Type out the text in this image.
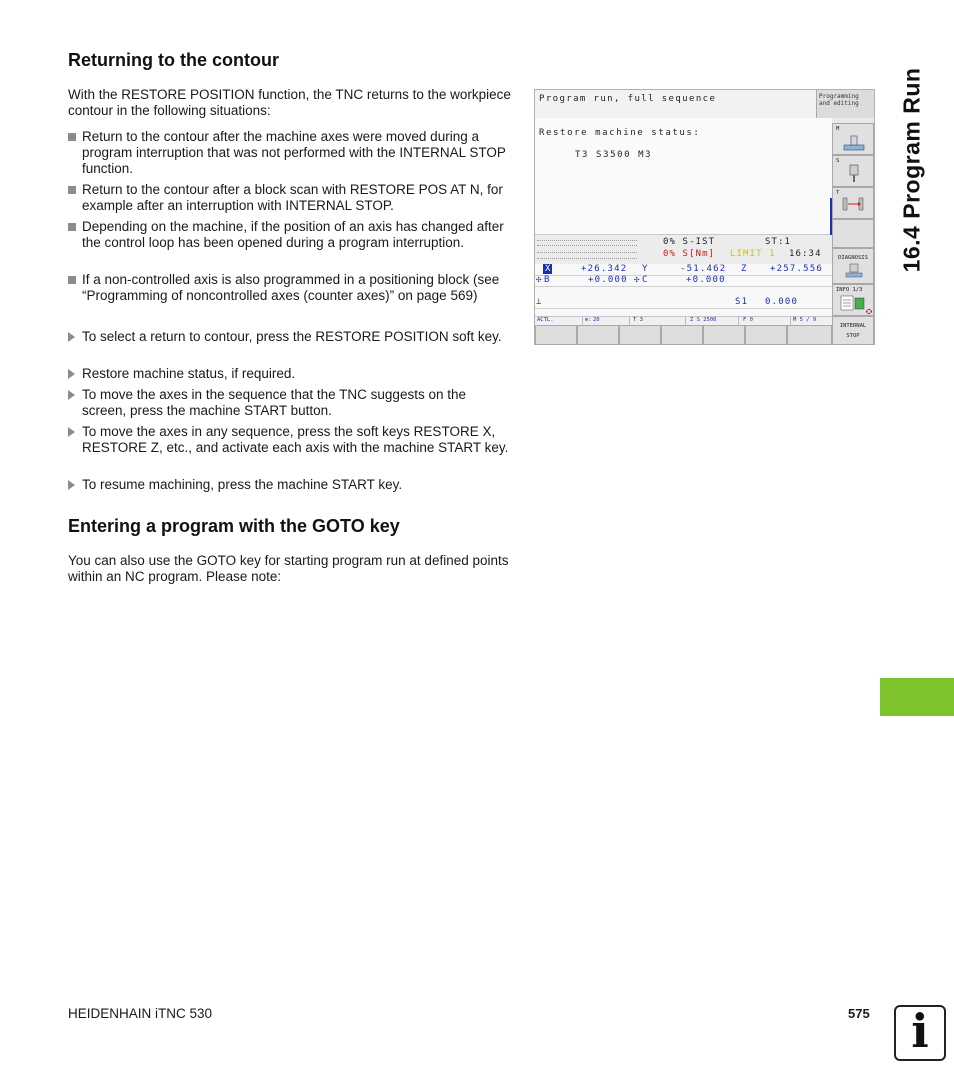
Returning to the contour

With the RESTORE POSITION function, the TNC returns to the workpiece contour in the following situations:

Return to the contour after the machine axes were moved during a program interruption that was not performed with the INTERNAL STOP function.
Return to the contour after a block scan with RESTORE POS AT N, for example after an interruption with INTERNAL STOP.
Depending on the machine, if the position of an axis has changed after the control loop has been opened during a program interruption.
If a non-controlled axis is also programmed in a positioning block (see “Programming of noncontrolled axes (counter axes)” on page 569)
To select a return to contour, press the RESTORE POSITION soft key.
Restore machine status, if required.
To move the axes in the sequence that the TNC suggests on the screen, press the machine START button.
To move the axes in any sequence, press the soft keys RESTORE X, RESTORE Z, etc., and activate each axis with the machine START key.
To resume machining, press the machine START key.
Entering a program with the GOTO key

You can also use the GOTO key for starting program run at defined points within an NC program. Please note:

16.4 Program Run
HEIDENHAIN iTNC 530	575 i
Program run, full sequence	Programming
and editing
Restore machine status:
T3 S3500 M3
M
S
T
DIAGNOSIS
INFO 1/3
INTERNAL
STOP
0% S-IST	ST:1
0% S[Nm] LIMIT 1 16:34
X	+26.342 Y	-51.462 Z +257.556
✣ B	+0.000 ✣ C	+0.000
⊥	S1 0.000
ACTL.	⊕: 20	T 3	Z S 2500	F 0	M 5 / 9
